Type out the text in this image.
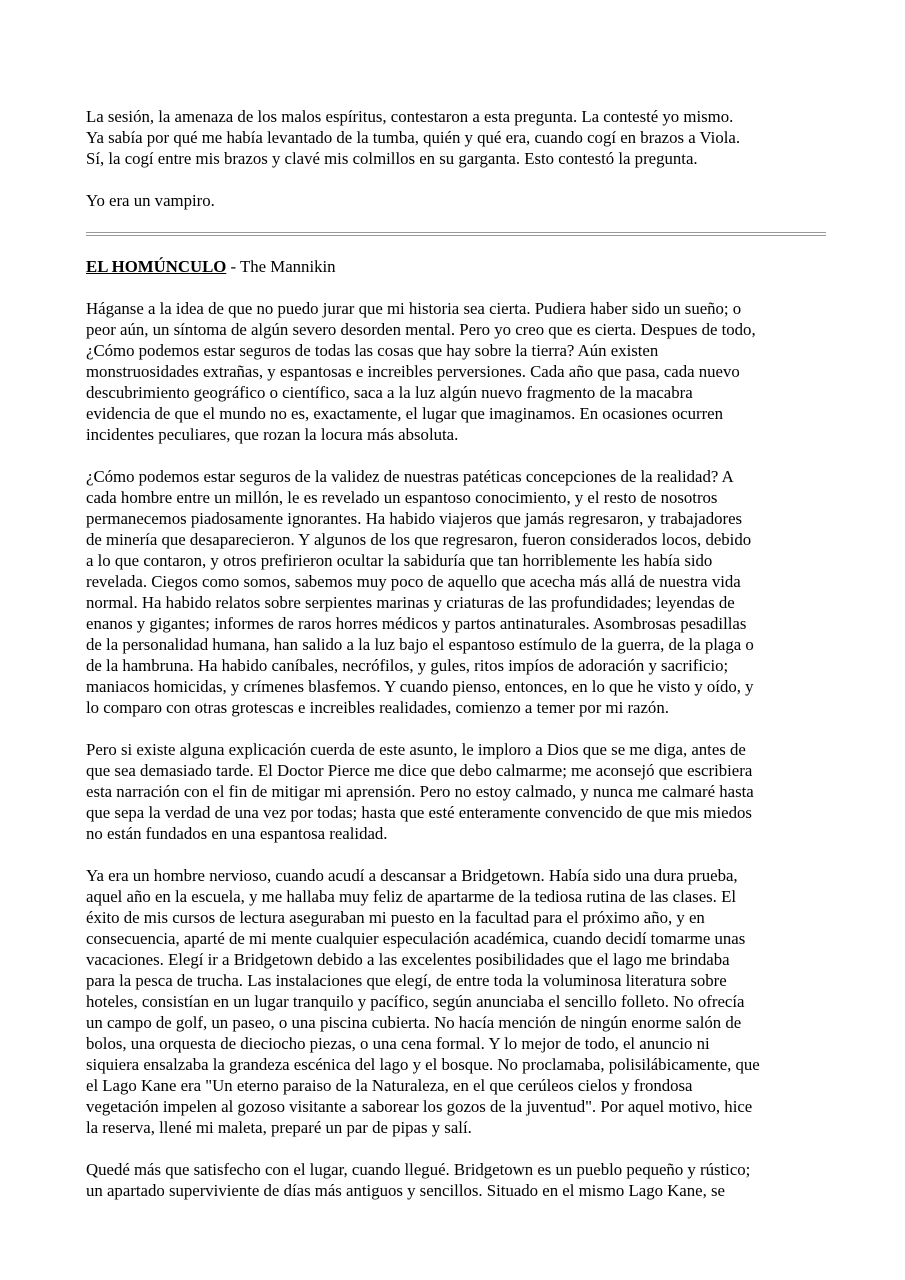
La sesión, la amenaza de los malos espíritus, contestaron a esta pregunta. La contesté yo mismo.
Ya sabía por qué me había levantado de la tumba, quién y qué era, cuando cogí en brazos a Viola.
Sí, la cogí entre mis brazos y clavé mis colmillos en su garganta. Esto contestó la pregunta.

Yo era un vampiro.

EL HOMÚNCULO - The Mannikin

Háganse a la idea de que no puedo jurar que mi historia sea cierta. Pudiera haber sido un sueño; o
peor aún, un síntoma de algún severo desorden mental. Pero yo creo que es cierta. Despues de todo,
¿Cómo podemos estar seguros de todas las cosas que hay sobre la tierra? Aún existen
monstruosidades extrañas, y espantosas e increibles perversiones. Cada año que pasa, cada nuevo
descubrimiento geográfico o científico, saca a la luz algún nuevo fragmento de la macabra
evidencia de que el mundo no es, exactamente, el lugar que imaginamos. En ocasiones ocurren
incidentes peculiares, que rozan la locura más absoluta.

¿Cómo podemos estar seguros de la validez de nuestras patéticas concepciones de la realidad? A
cada hombre entre un millón, le es revelado un espantoso conocimiento, y el resto de nosotros
permanecemos piadosamente ignorantes. Ha habido viajeros que jamás regresaron, y trabajadores
de minería que desaparecieron. Y algunos de los que regresaron, fueron considerados locos, debido
a lo que contaron, y otros prefirieron ocultar la sabiduría que tan horriblemente les había sido
revelada. Ciegos como somos, sabemos muy poco de aquello que acecha más allá de nuestra vida
normal. Ha habido relatos sobre serpientes marinas y criaturas de las profundidades; leyendas de
enanos y gigantes; informes de raros horres médicos y partos antinaturales. Asombrosas pesadillas
de la personalidad humana, han salido a la luz bajo el espantoso estímulo de la guerra, de la plaga o
de la hambruna. Ha habido caníbales, necrófilos, y gules, ritos impíos de adoración y sacrificio;
maniacos homicidas, y crímenes blasfemos. Y cuando pienso, entonces, en lo que he visto y oído, y
lo comparo con otras grotescas e increibles realidades, comienzo a temer por mi razón.

Pero si existe alguna explicación cuerda de este asunto, le imploro a Dios que se me diga, antes de
que sea demasiado tarde. El Doctor Pierce me dice que debo calmarme; me aconsejó que escribiera
esta narración con el fin de mitigar mi aprensión. Pero no estoy calmado, y nunca me calmaré hasta
que sepa la verdad de una vez por todas; hasta que esté enteramente convencido de que mis miedos
no están fundados en una espantosa realidad.

Ya era un hombre nervioso, cuando acudí a descansar a Bridgetown. Había sido una dura prueba,
aquel año en la escuela, y me hallaba muy feliz de apartarme de la tediosa rutina de las clases. El
éxito de mis cursos de lectura aseguraban mi puesto en la facultad para el próximo año, y en
consecuencia, aparté de mi mente cualquier especulación académica, cuando decidí tomarme unas
vacaciones. Elegí ir a Bridgetown debido a las excelentes posibilidades que el lago me brindaba
para la pesca de trucha. Las instalaciones que elegí, de entre toda la voluminosa literatura sobre
hoteles, consistían en un lugar tranquilo y pacífico, según anunciaba el sencillo folleto. No ofrecía
un campo de golf, un paseo, o una piscina cubierta. No hacía mención de ningún enorme salón de
bolos, una orquesta de dieciocho piezas, o una cena formal. Y lo mejor de todo, el anuncio ni
siquiera ensalzaba la grandeza escénica del lago y el bosque. No proclamaba, polisilábicamente, que
el Lago Kane era "Un eterno paraiso de la Naturaleza, en el que cerúleos cielos y frondosa
vegetación impelen al gozoso visitante a saborear los gozos de la juventud". Por aquel motivo, hice
la reserva, llené mi maleta, preparé un par de pipas y salí.

Quedé más que satisfecho con el lugar, cuando llegué. Bridgetown es un pueblo pequeño y rústico;
un apartado superviviente de días más antiguos y sencillos. Situado en el mismo Lago Kane, se
